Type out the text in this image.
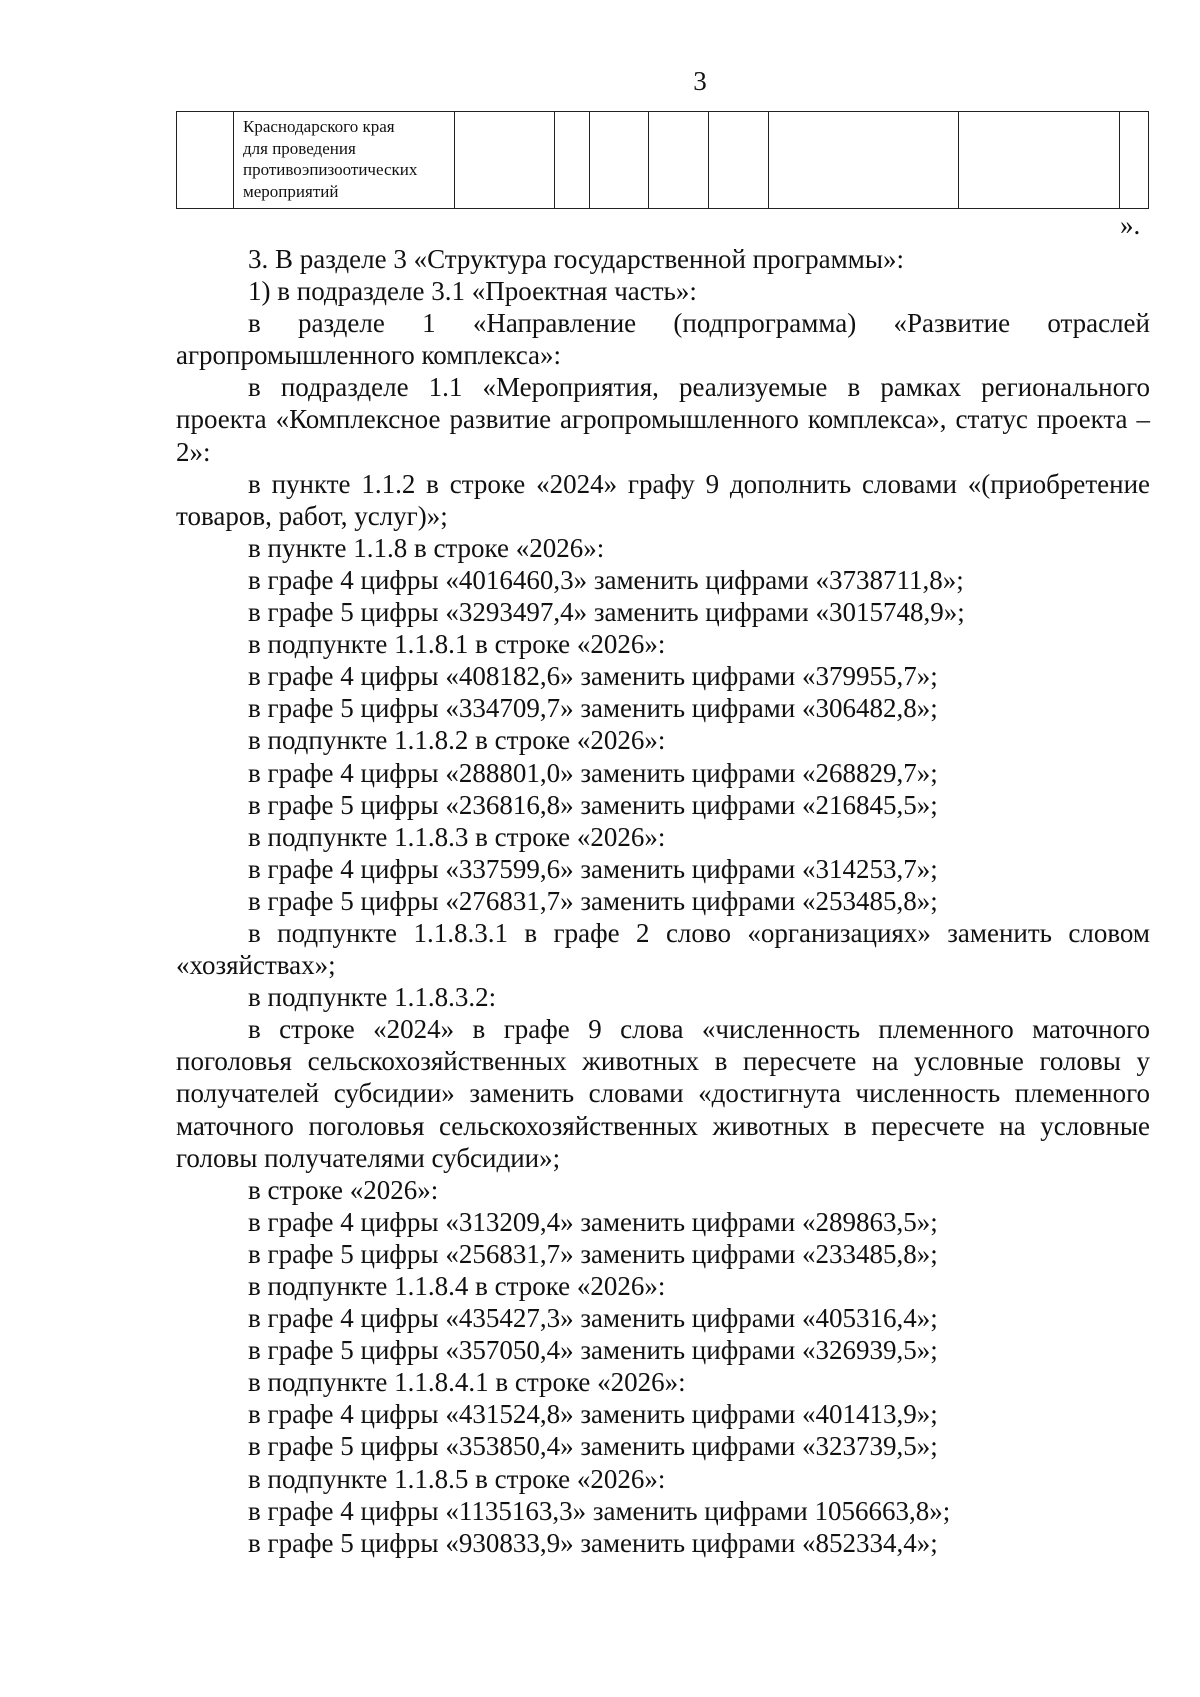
3

Краснодарского края
для проведения
противоэпизоотических
мероприятий

».

3. В разделе 3 «Структура государственной программы»:

1) в подразделе 3.1 «Проектная часть»:

в разделе 1 «Направление (подпрограмма) «Развитие отраслей агропромышленного комплекса»:

в подразделе 1.1 «Мероприятия, реализуемые в рамках регионального проекта «Комплексное развитие агропромышленного комплекса», статус проекта – 2»:

в пункте 1.1.2 в строке «2024» графу 9 дополнить словами «(приобретение товаров, работ, услуг)»;

в пункте 1.1.8 в строке «2026»:

в графе 4 цифры «4016460,3» заменить цифрами «3738711,8»;

в графе 5 цифры «3293497,4» заменить цифрами «3015748,9»;

в подпункте 1.1.8.1 в строке «2026»:

в графе 4 цифры «408182,6» заменить цифрами «379955,7»;

в графе 5 цифры «334709,7» заменить цифрами «306482,8»;

в подпункте 1.1.8.2 в строке «2026»:

в графе 4 цифры «288801,0» заменить цифрами «268829,7»;

в графе 5 цифры «236816,8» заменить цифрами «216845,5»;

в подпункте 1.1.8.3 в строке «2026»:

в графе 4 цифры «337599,6» заменить цифрами «314253,7»;

в графе 5 цифры «276831,7» заменить цифрами «253485,8»;

в подпункте 1.1.8.3.1 в графе 2 слово «организациях» заменить словом «хозяйствах»;

в подпункте 1.1.8.3.2:

в строке «2024» в графе 9 слова «численность племенного маточного поголовья сельскохозяйственных животных в пересчете на условные головы у получателей субсидии» заменить словами «достигнута численность племенного маточного поголовья сельскохозяйственных животных в пересчете на условные головы получателями субсидии»;

в строке «2026»:

в графе 4 цифры «313209,4» заменить цифрами «289863,5»;

в графе 5 цифры «256831,7» заменить цифрами «233485,8»;

в подпункте 1.1.8.4 в строке «2026»:

в графе 4 цифры «435427,3» заменить цифрами «405316,4»;

в графе 5 цифры «357050,4» заменить цифрами «326939,5»;

в подпункте 1.1.8.4.1 в строке «2026»:

в графе 4 цифры «431524,8» заменить цифрами «401413,9»;

в графе 5 цифры «353850,4» заменить цифрами «323739,5»;

в подпункте 1.1.8.5 в строке «2026»:

в графе 4 цифры «1135163,3» заменить цифрами 1056663,8»;

в графе 5 цифры «930833,9» заменить цифрами «852334,4»;
